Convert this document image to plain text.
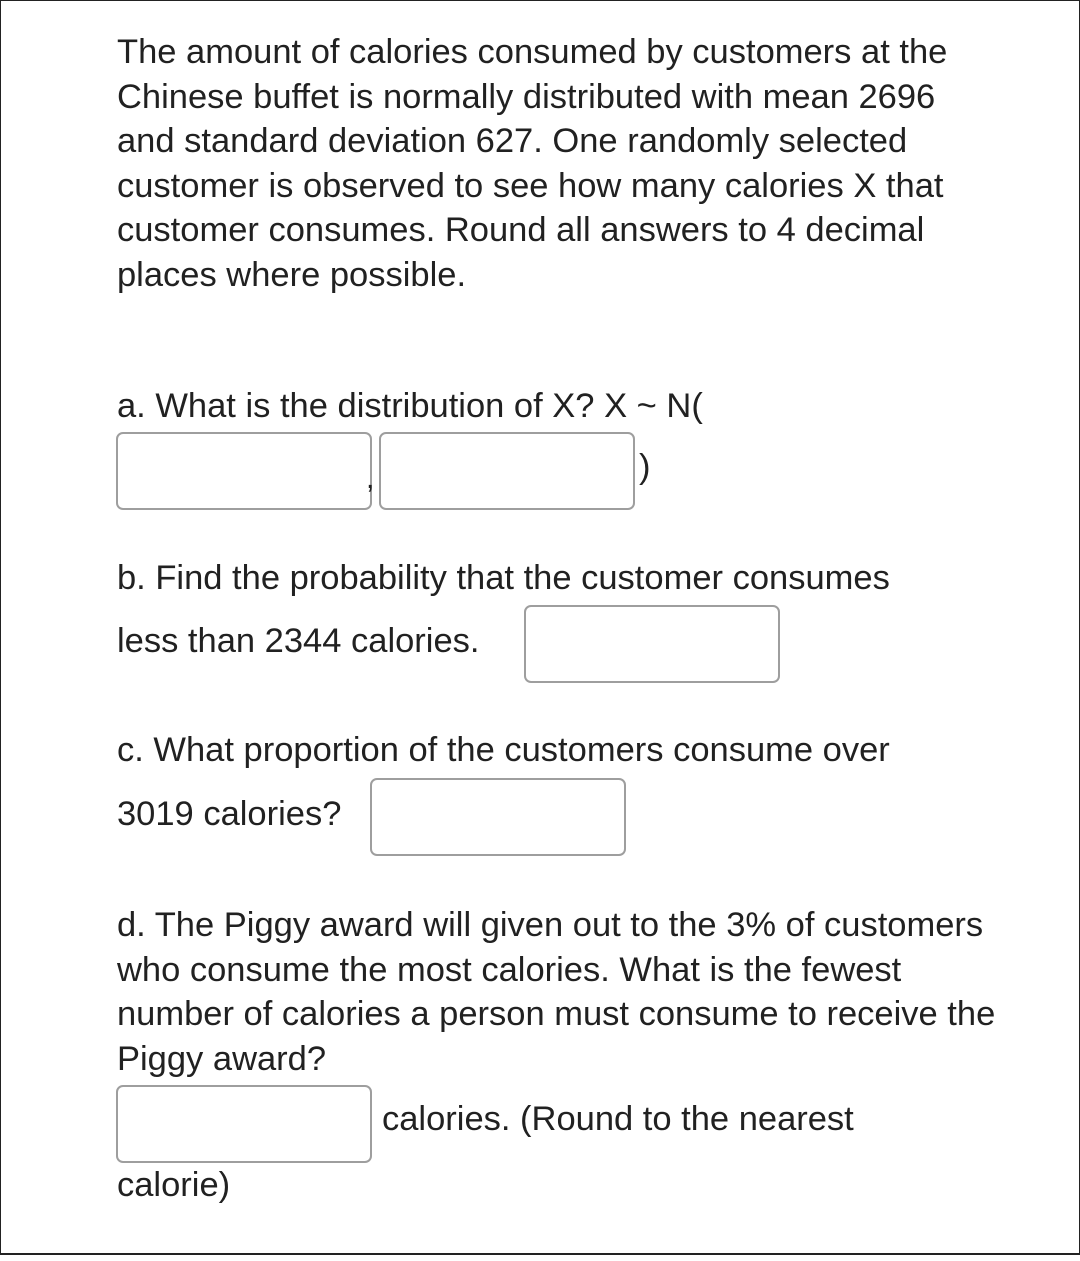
The amount of calories consumed by customers at the Chinese buffet is normally distributed with mean 2696 and standard deviation 627. One randomly selected customer is observed to see how many calories X that customer consumes. Round all answers to 4 decimal places where possible.

a. What is the distribution of X? X ~ N(
,	)
b. Find the probability that the customer consumes
less than 2344 calories.
c. What proportion of the customers consume over
3019 calories?

d. The Piggy award will given out to the 3% of customers who consume the most calories. What is the fewest number of calories a person must consume to receive the Piggy award?

calories. (Round to the nearest
calorie)
